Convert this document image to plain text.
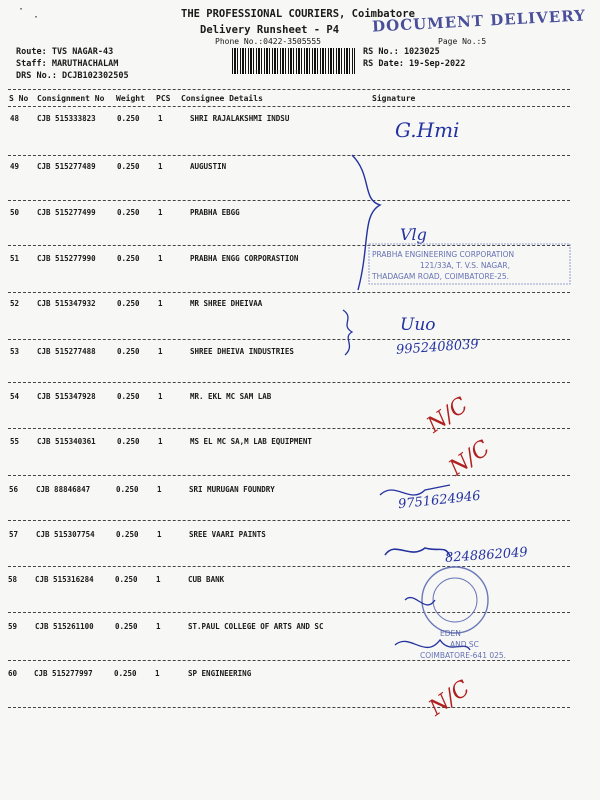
THE PROFESSIONAL COURIERS, Coimbatore
Delivery Runsheet - P4 DOCUMENT DELIVERY
Phone No.:0422-3505555	Page No.:5
Route: TVS NAGAR-43
Staff: MARUTHACHALAM
DRS No.: DCJB102302505
RS No.: 1023025
RS Date: 19-Sep-2022
·
·
S No Consignment No Weight PCS Consignee Details	Signature
48 CJB 515333823	0.250 1	SHRI RAJALAKSHMI INDSU
49 CJB 515277489	0.250 1	AUGUSTIN
50 CJB 515277499	0.250 1	PRABHA EBGG
51 CJB 515277990	0.250 1	PRABHA ENGG CORPORASTION
52 CJB 515347932	0.250 1	MR SHREE DHEIVAA
53 CJB 515277488	0.250 1	SHREE DHEIVA INDUSTRIES
54 CJB 515347928	0.250 1	MR. EKL MC SAM LAB
55 CJB 515340361	0.250 1	MS EL MC SA,M LAB EQUIPMENT
56 CJB 88846847	0.250 1	SRI MURUGAN FOUNDRY
57 CJB 515307754	0.250 1	SREE VAARI PAINTS
58 CJB 515316284	0.250 1	CUB BANK
59 CJB 515261100	0.250 1	ST.PAUL COLLEGE OF ARTS AND SC
60 CJB 515277997	0.250 1	SP ENGINEERING
G.Hmi
Vlg
Uuo
9952408039
9751624946
8248862049
N/C
N/C
N/C
PRABHA ENGINEERING CORPORATION
121/33A, T. V.S. NAGAR,
THADAGAM ROAD, COIMBATORE-25.
EDEN
AND SC
COIMBATORE-641 025.
